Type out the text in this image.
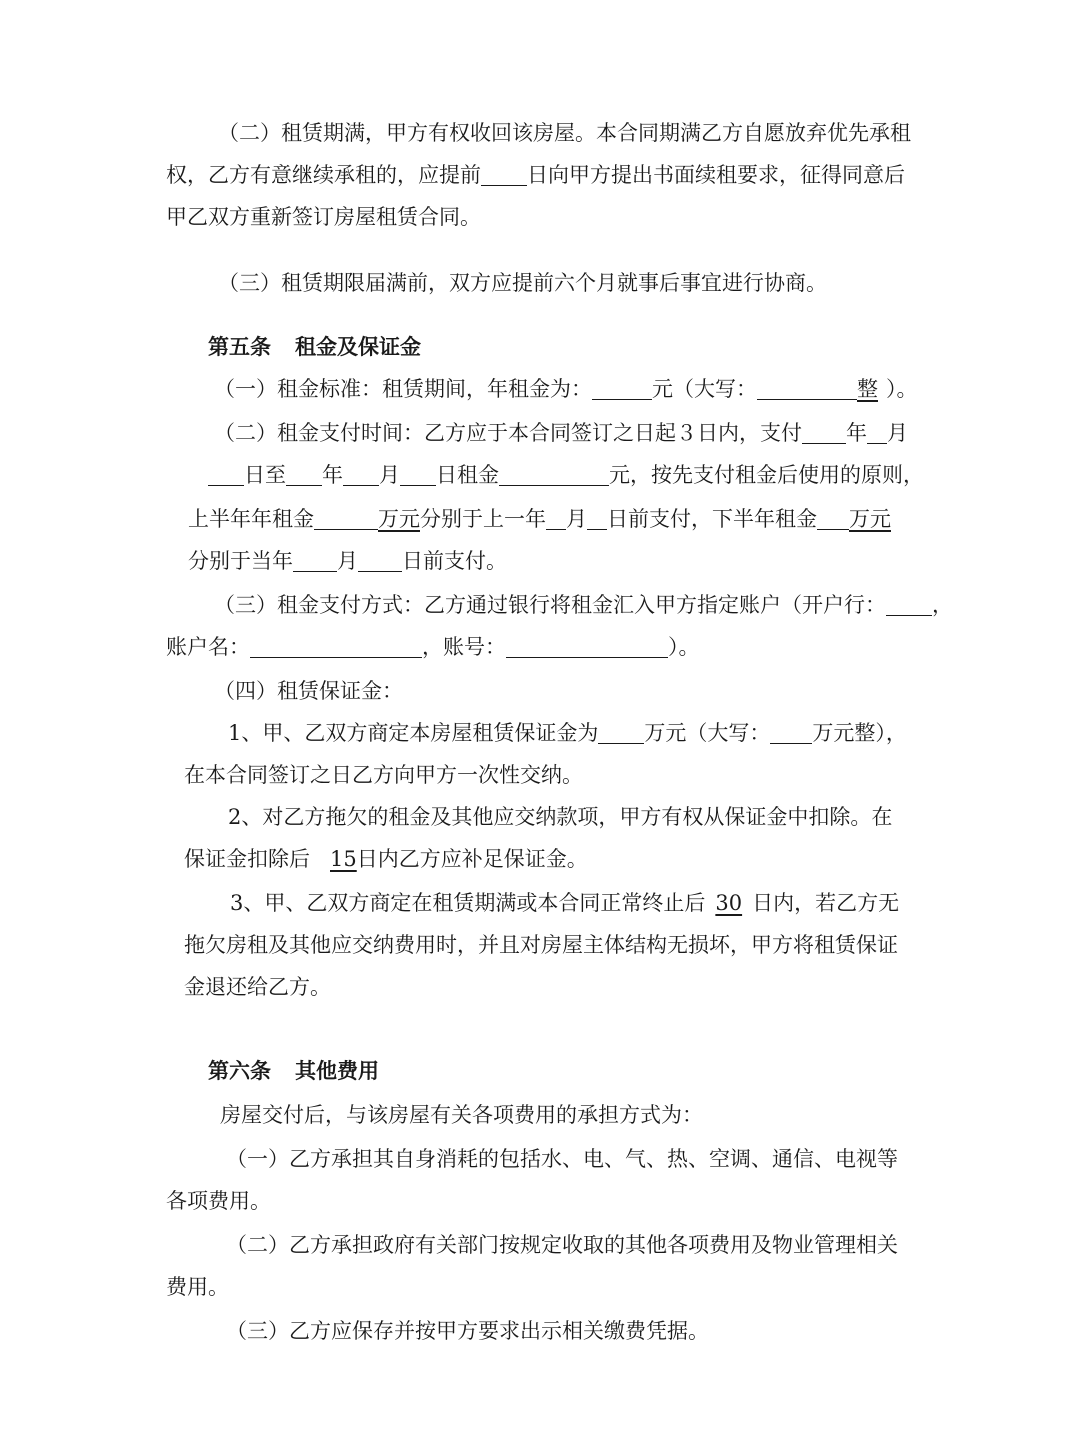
（二）租赁期满，甲方有权收回该房屋。本合同期满乙方自愿放弃优先承租
权，乙方有意继续承租的，应提前 日向甲方提出书面续租要求，征得同意后
甲乙双方重新签订房屋租赁合同。
（三）租赁期限届满前，双方应提前六个月就事后事宜进行协商。
第五条 租金及保证金
（一）租金标准：租赁期间，年租金为：	元（大写：	整 ）。
（二）租金支付时间：乙方应于本合同签订之日起３日内，支付 年 月
日至 年 月 日租金	元，按先支付租金后使用的原则，
上半年年租金	万元分别于上一年 月 日前支付，下半年租金 万元
分别于当年 月 日前支付。
（三）租金支付方式：乙方通过银行将租金汇入甲方指定账户（开户行： ，
账户名：	，账号：	）。
（四）租赁保证金：
1、甲、乙双方商定本房屋租赁保证金为 万元（大写： 万元整），
在本合同签订之日乙方向甲方一次性交纳。
2、对乙方拖欠的租金及其他应交纳款项，甲方有权从保证金中扣除。在
保证金扣除后 15日内乙方应补足保证金。
3、甲、乙双方商定在租赁期满或本合同正常终止后 30 日内，若乙方无
拖欠房租及其他应交纳费用时，并且对房屋主体结构无损坏，甲方将租赁保证
金退还给乙方。
第六条 其他费用
房屋交付后，与该房屋有关各项费用的承担方式为：
（一）乙方承担其自身消耗的包括水、电、气、热、空调、通信、电视等
各项费用。
（二）乙方承担政府有关部门按规定收取的其他各项费用及物业管理相关
费用。
（三）乙方应保存并按甲方要求出示相关缴费凭据。
